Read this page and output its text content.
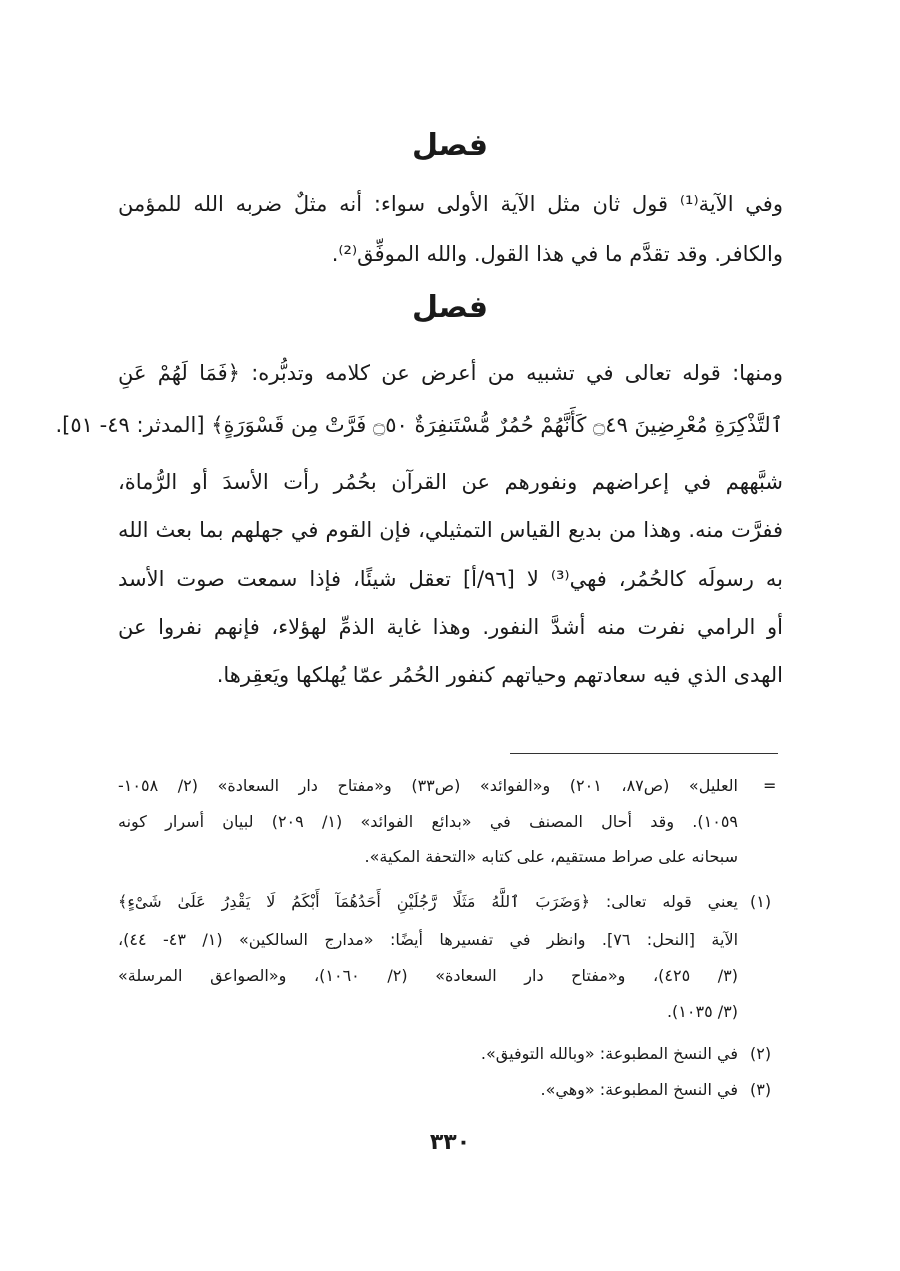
فصل
وفي الآية⁽¹⁾ قول ثان مثل الآية الأولى سواء: أنه مثلٌ ضربه الله للمؤمن
والكافر. وقد تقدَّم ما في هذا القول. والله الموفِّق⁽²⁾.
فصل
ومنها: قوله تعالى في تشبيه من أعرض عن كلامه وتدبُّره: ﴿فَمَا لَهُمْ عَنِ
ٱلتَّذْكِرَةِ مُعْرِضِينَ ۝٤٩ كَأَنَّهُمْ حُمُرٌ مُّسْتَنفِرَةٌ ۝٥٠ فَرَّتْ مِن قَسْوَرَةٍ﴾ [المدثر: ٤٩- ٥١].
شبَّههم في إعراضهم ونفورهم عن القرآن بحُمُر رأت الأسدَ أو الرُّماة،
ففرَّت منه. وهذا من بديع القياس التمثيلي، فإن القوم في جهلهم بما بعث الله
به رسولَه كالحُمُر، فهي⁽³⁾ لا [٩٦/أ] تعقل شيئًا، فإذا سمعت صوت الأسد
أو الرامي نفرت منه أشدَّ النفور. وهذا غاية الذمِّ لهؤلاء، فإنهم نفروا عن
الهدى الذي فيه سعادتهم وحياتهم كنفور الحُمُر عمّا يُهلكها ويَعقِرها.
=
العليل» (ص٨٧، ٢٠١) و«الفوائد» (ص٣٣) و«مفتاح دار السعادة» (٢/ ١٠٥٨-
١٠٥٩). وقد أحال المصنف في «بدائع الفوائد» (١/ ٢٠٩) لبيان أسرار كونه
سبحانه على صراط مستقيم، على كتابه «التحفة المكية».
(١)
يعني قوله تعالى: ﴿وَضَرَبَ ٱللَّهُ مَثَلًا رَّجُلَيْنِ أَحَدُهُمَآ أَبْكَمُ لَا يَقْدِرُ عَلَىٰ شَىْءٍ﴾
الآية [النحل: ٧٦]. وانظر في تفسيرها أيضًا: «مدارج السالكين» (١/ ٤٣- ٤٤)،
(٣/ ٤٢٥)، و«مفتاح دار السعادة» (٢/ ١٠٦٠)، و«الصواعق المرسلة»
(٣/ ١٠٣٥).
(٢)
في النسخ المطبوعة: «وبالله التوفيق».
(٣)
في النسخ المطبوعة: «وهي».
٣٣٠
